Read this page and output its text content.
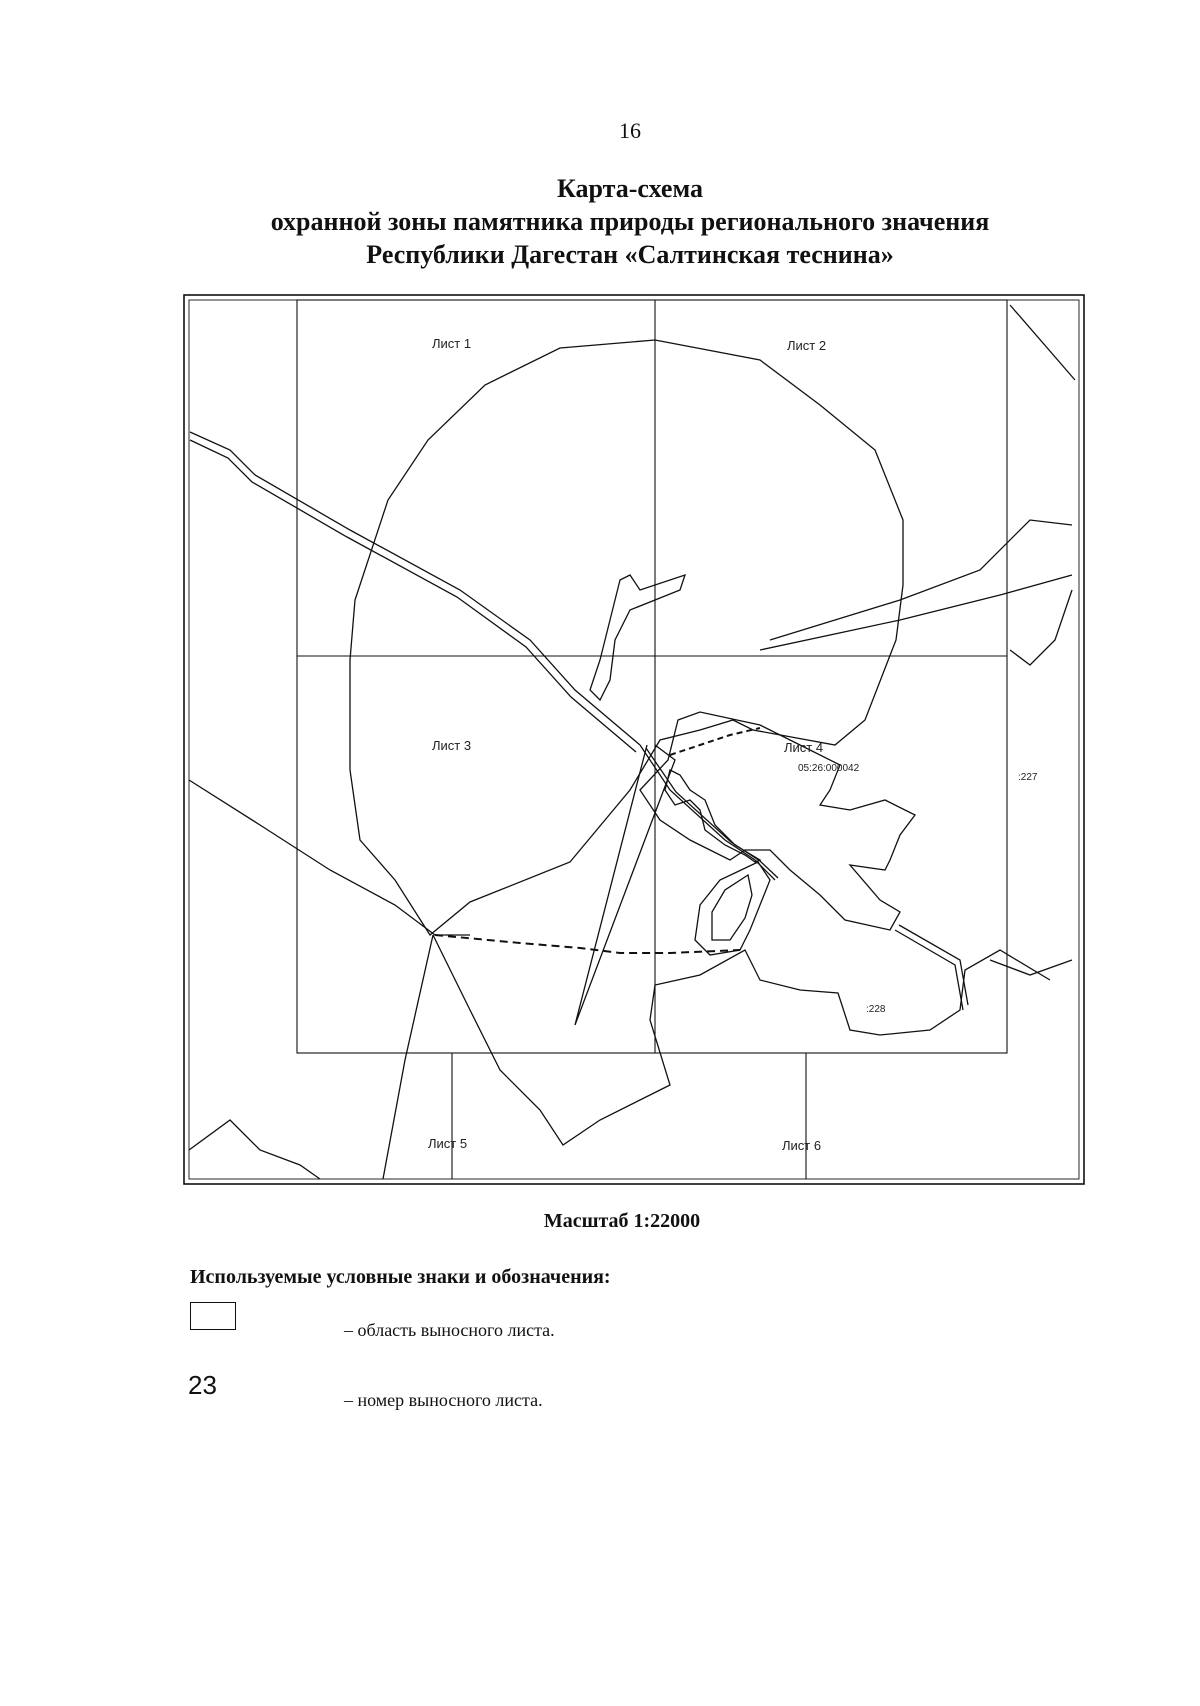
16
Карта-схема
охранной зоны памятника природы регионального значения
Республики Дагестан «Салтинская теснина»
Лист 1	Лист 2
Лист 3	Лист 4
Лист 5	Лист 6
05:26:000042
:227
:228
Масштаб 1:22000
Используемые условные знаки и обозначения:
– область выносного листа.
23	– номер выносного листа.
